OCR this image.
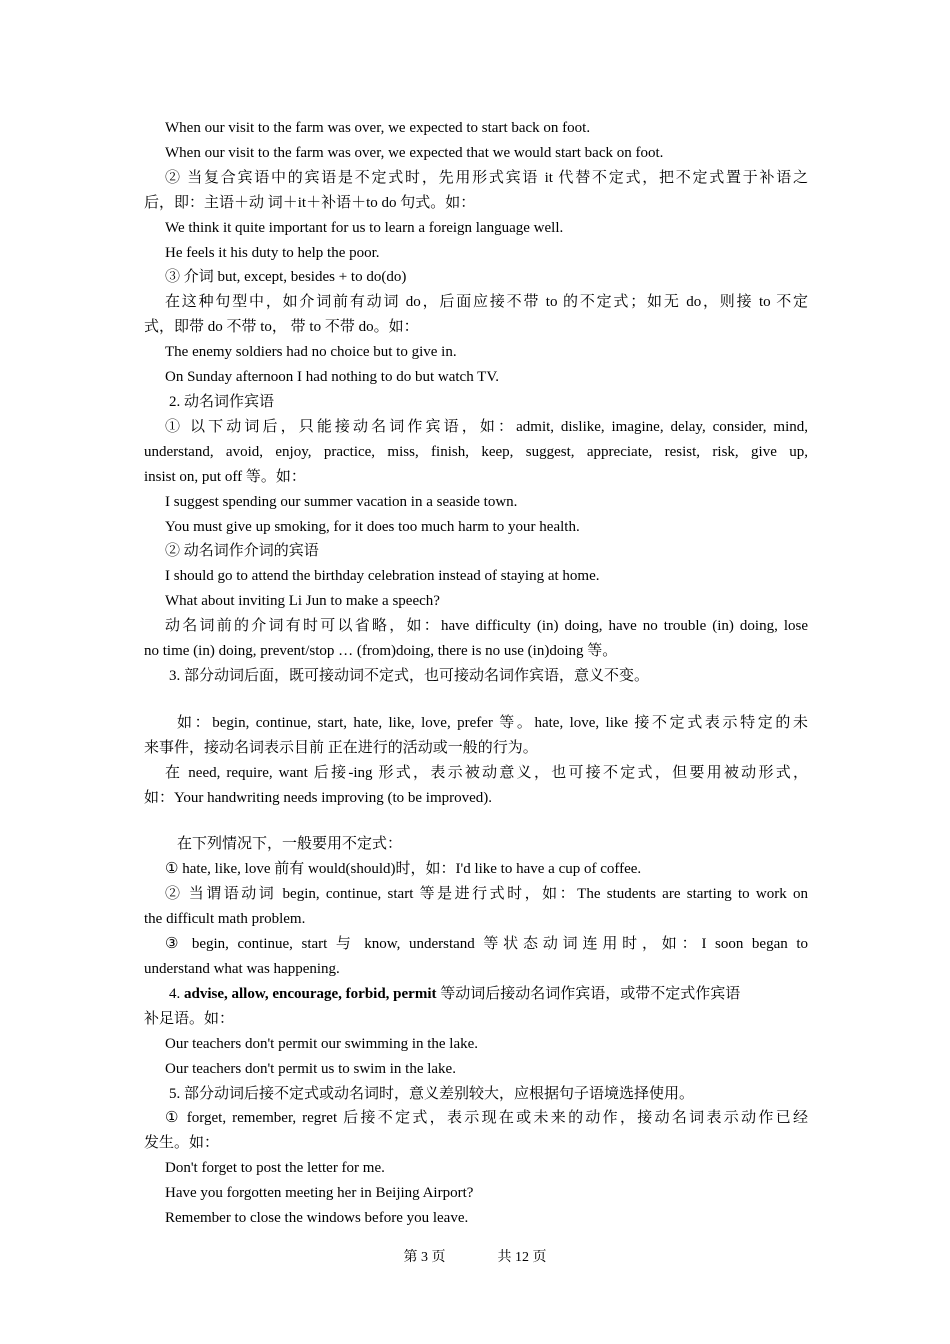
When our visit to the farm was over, we expected to start back on foot.
When our visit to the farm was over, we expected that we would start back on foot.
② 当复合宾语中的宾语是不定式时，先用形式宾语 it 代替不定式，把不定式置于补语之
后，即：主语＋动 词＋it＋补语＋to do 句式。如：
We think it quite important for us to learn a foreign language well.
He feels it his duty to help the poor.
③ 介词 but, except, besides + to do(do)
在这种句型中，如介词前有动词 do，后面应接不带 to 的不定式；如无 do，则接 to 不定
式，即带 do 不带 to， 带 to 不带 do。如：
The enemy soldiers had no choice but to give in.
On Sunday afternoon I had nothing to do but watch TV.
2. 动名词作宾语
① 以下动词后，只能接动名词作宾语，如：admit, dislike, imagine, delay, consider, mind,
understand, avoid, enjoy, practice, miss, finish, keep, suggest, appreciate, resist, risk, give up,
insist on, put off 等。如：
I suggest spending our summer vacation in a seaside town.
You must give up smoking, for it does too much harm to your health.
② 动名词作介词的宾语
I should go to attend the birthday celebration instead of staying at home.
What about inviting Li Jun to make a speech?
动名词前的介词有时可以省略，如：have difficulty (in) doing, have no trouble (in) doing, lose
no time (in) doing, prevent/stop … (from)doing, there is no use (in)doing 等。
3. 部分动词后面，既可接动词不定式，也可接动名词作宾语，意义不变。
如：begin, continue, start, hate, like, love, prefer 等。hate, love, like 接不定式表示特定的未
来事件，接动名词表示目前 正在进行的活动或一般的行为。
在 need, require, want 后接-ing 形式，表示被动意义，也可接不定式，但要用被动形式，
如：Your handwriting needs improving (to be improved).
在下列情况下，一般要用不定式：
① hate, like, love 前有 would(should)时，如：I'd like to have a cup of coffee.
② 当谓语动词 begin, continue, start 等是进行式时，如：The students are starting to work on
the difficult math problem.
③ begin, continue, start 与 know, understand 等状态动词连用时，如：I soon began to
understand what was happening.
4. advise, allow, encourage, forbid, permit 等动词后接动名词作宾语，或带不定式作宾语
补足语。如：
Our teachers don't permit our swimming in the lake.
Our teachers don't permit us to swim in the lake.
5. 部分动词后接不定式或动名词时，意义差别较大，应根据句子语境选择使用。
① forget, remember, regret 后接不定式，表示现在或未来的动作，接动名词表示动作已经
发生。如：
Don't forget to post the letter for me.
Have you forgotten meeting her in Beijing Airport?
Remember to close the windows before you leave.
第 3 页	共 12 页
